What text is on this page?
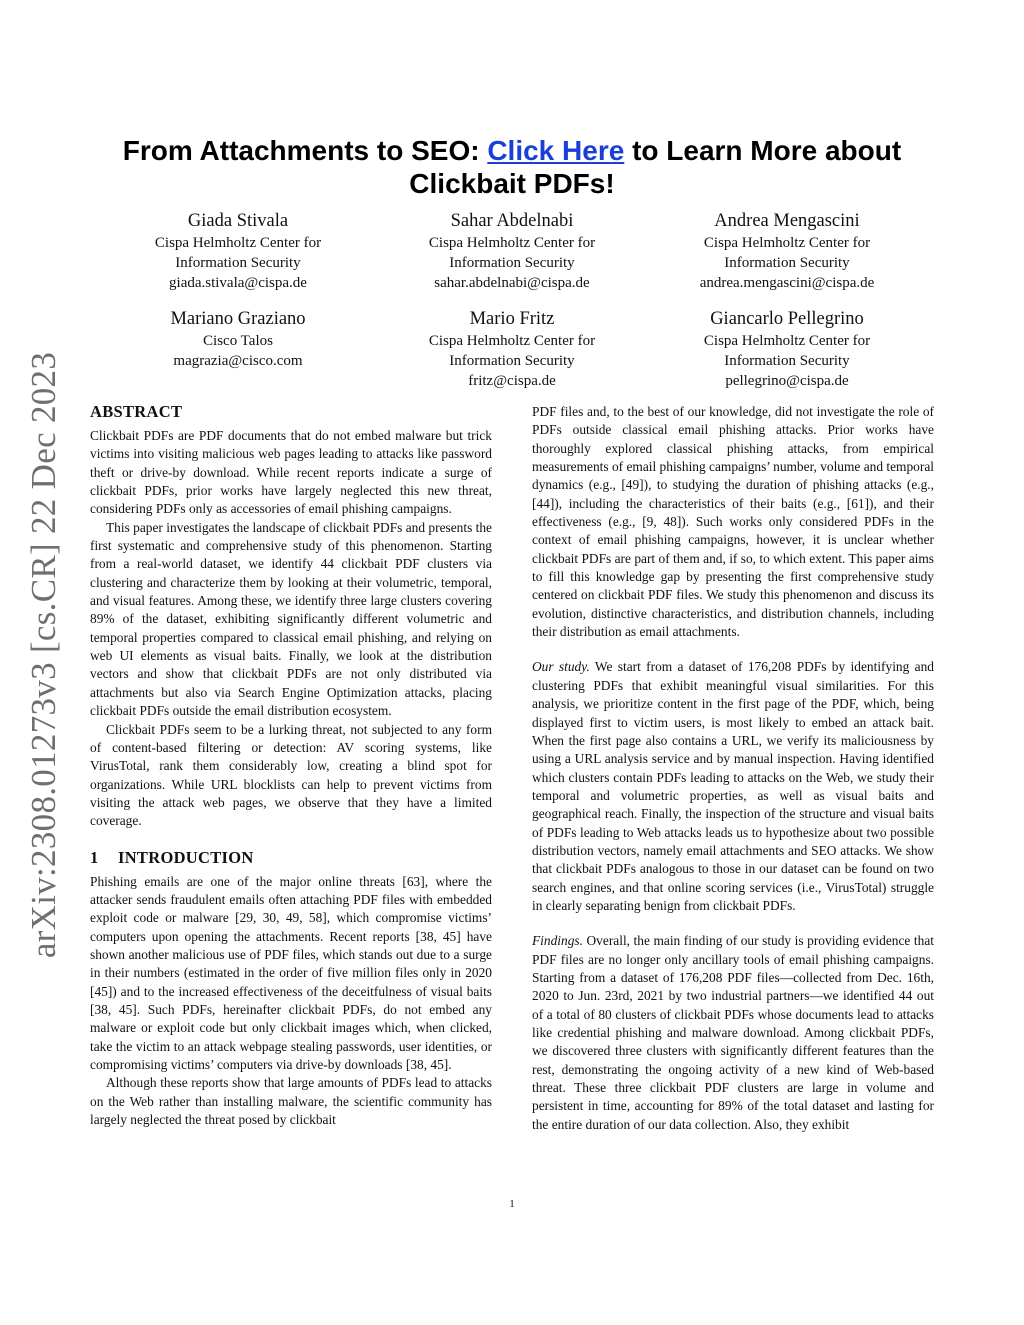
arXiv:2308.01273v3 [cs.CR] 22 Dec 2023
From Attachments to SEO: Click Here to Learn More about Clickbait PDFs!
Giada Stivala
Cispa Helmholtz Center for
Information Security
giada.stivala@cispa.de
Sahar Abdelnabi
Cispa Helmholtz Center for
Information Security
sahar.abdelnabi@cispa.de
Andrea Mengascini
Cispa Helmholtz Center for
Information Security
andrea.mengascini@cispa.de
Mariano Graziano
Cisco Talos
magrazia@cisco.com
Mario Fritz
Cispa Helmholtz Center for
Information Security
fritz@cispa.de
Giancarlo Pellegrino
Cispa Helmholtz Center for
Information Security
pellegrino@cispa.de
ABSTRACT

Clickbait PDFs are PDF documents that do not embed malware but trick victims into visiting malicious web pages leading to attacks like password theft or drive-by download. While recent reports indicate a surge of clickbait PDFs, prior works have largely neglected this new threat, considering PDFs only as accessories of email phishing campaigns.

This paper investigates the landscape of clickbait PDFs and presents the first systematic and comprehensive study of this phenomenon. Starting from a real-world dataset, we identify 44 clickbait PDF clusters via clustering and characterize them by looking at their volumetric, temporal, and visual features. Among these, we identify three large clusters covering 89% of the dataset, exhibiting significantly different volumetric and temporal properties compared to classical email phishing, and relying on web UI elements as visual baits. Finally, we look at the distribution vectors and show that clickbait PDFs are not only distributed via attachments but also via Search Engine Optimization attacks, placing clickbait PDFs outside the email distribution ecosystem.

Clickbait PDFs seem to be a lurking threat, not subjected to any form of content-based filtering or detection: AV scoring systems, like VirusTotal, rank them considerably low, creating a blind spot for organizations. While URL blocklists can help to prevent victims from visiting the attack web pages, we observe that they have a limited coverage.

1 INTRODUCTION

Phishing emails are one of the major online threats [63], where the attacker sends fraudulent emails often attaching PDF files with embedded exploit code or malware [29, 30, 49, 58], which compromise victims’ computers upon opening the attachments. Recent reports [38, 45] have shown another malicious use of PDF files, which stands out due to a surge in their numbers (estimated in the order of five million files only in 2020 [45]) and to the increased effectiveness of the deceitfulness of visual baits [38, 45]. Such PDFs, hereinafter clickbait PDFs, do not embed any malware or exploit code but only clickbait images which, when clicked, take the victim to an attack webpage stealing passwords, user identities, or compromising victims’ computers via drive-by downloads [38, 45].

Although these reports show that large amounts of PDFs lead to attacks on the Web rather than installing malware, the scientific community has largely neglected the threat posed by clickbait

PDF files and, to the best of our knowledge, did not investigate the role of PDFs outside classical email phishing attacks. Prior works have thoroughly explored classical phishing attacks, from empirical measurements of email phishing campaigns’ number, volume and temporal dynamics (e.g., [49]), to studying the duration of phishing attacks (e.g., [44]), including the characteristics of their baits (e.g., [61]), and their effectiveness (e.g., [9, 48]). Such works only considered PDFs in the context of email phishing campaigns, however, it is unclear whether clickbait PDFs are part of them and, if so, to which extent. This paper aims to fill this knowledge gap by presenting the first comprehensive study centered on clickbait PDF files. We study this phenomenon and discuss its evolution, distinctive characteristics, and distribution channels, including their distribution as email attachments.

Our study. We start from a dataset of 176,208 PDFs by identifying and clustering PDFs that exhibit meaningful visual similarities. For this analysis, we prioritize content in the first page of the PDF, which, being displayed first to victim users, is most likely to embed an attack bait. When the first page also contains a URL, we verify its maliciousness by using a URL analysis service and by manual inspection. Having identified which clusters contain PDFs leading to attacks on the Web, we study their temporal and volumetric properties, as well as visual baits and geographical reach. Finally, the inspection of the structure and visual baits of PDFs leading to Web attacks leads us to hypothesize about two possible distribution vectors, namely email attachments and SEO attacks. We show that clickbait PDFs analogous to those in our dataset can be found on two search engines, and that online scoring services (i.e., VirusTotal) struggle in clearly separating benign from clickbait PDFs.

Findings. Overall, the main finding of our study is providing evidence that PDF files are no longer only ancillary tools of email phishing campaigns. Starting from a dataset of 176,208 PDF files—collected from Dec. 16th, 2020 to Jun. 23rd, 2021 by two industrial partners—we identified 44 out of a total of 80 clusters of clickbait PDFs whose documents lead to attacks like credential phishing and malware download. Among clickbait PDFs, we discovered three clusters with significantly different features than the rest, demonstrating the ongoing activity of a new kind of Web-based threat. These three clickbait PDF clusters are large in volume and persistent in time, accounting for 89% of the total dataset and lasting for the entire duration of our data collection. Also, they exhibit

1
